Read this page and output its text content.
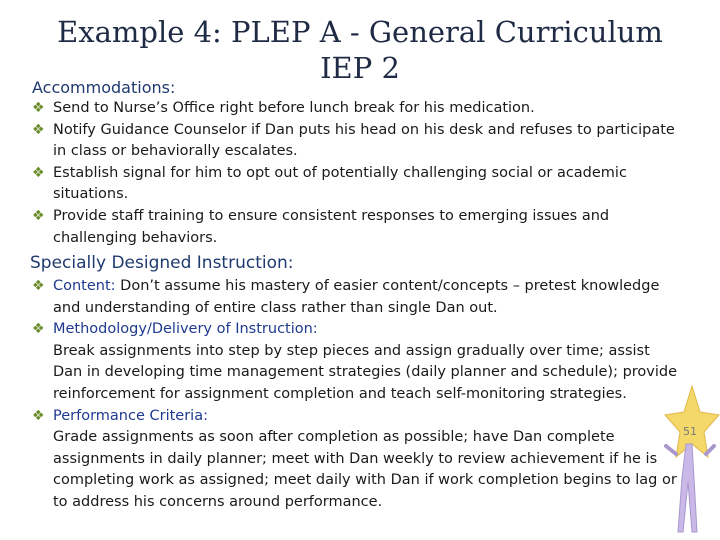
Example 4: PLEP A - General Curriculum IEP 2
Accommodations:
❖ Send to Nurse’s Office right before lunch break for his medication.
❖ Notify Guidance Counselor if Dan puts his head on his desk and refuses to participate in class or behaviorally escalates.
❖ Establish signal for him to opt out of potentially challenging social or academic situations.
❖ Provide staff training to ensure consistent responses to emerging issues and challenging behaviors.
Specially Designed Instruction:
❖ Content: Don’t assume his mastery of easier content/concepts – pretest knowledge and understanding of entire class rather than single Dan out.
❖ Methodology/Delivery of Instruction:
Break assignments into step by step pieces and assign gradually over time; assist Dan in developing time management strategies (daily planner and schedule); provide reinforcement for assignment completion and teach self-monitoring strategies.
❖ Performance Criteria:
Grade assignments as soon after completion as possible; have Dan complete assignments in daily planner; meet with Dan weekly to review achievement if he is completing work as assigned; meet daily with Dan if work completion begins to lag or to address his concerns around performance.
51
